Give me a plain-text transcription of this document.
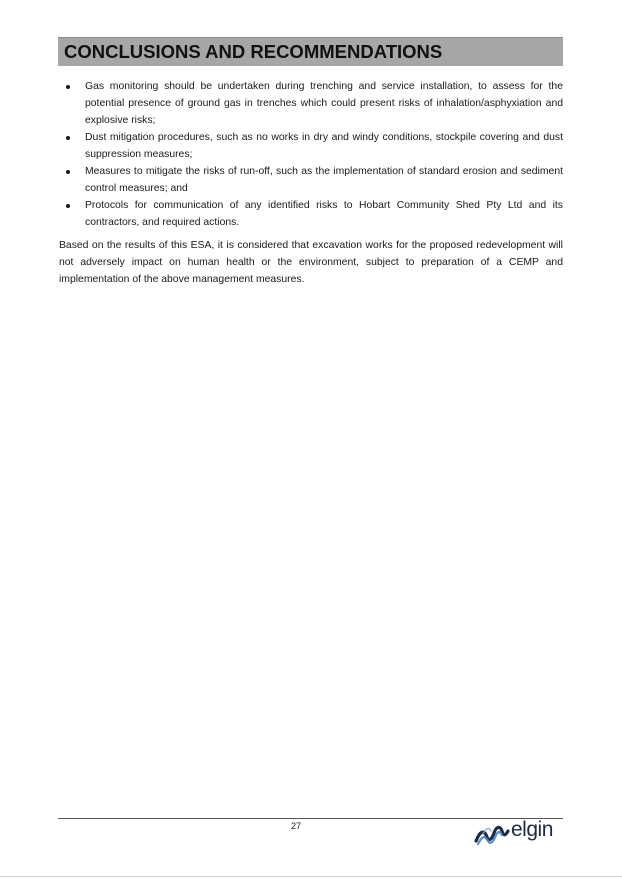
CONCLUSIONS AND RECOMMENDATIONS
Gas monitoring should be undertaken during trenching and service installation, to assess for the potential presence of ground gas in trenches which could present risks of inhalation/asphyxiation and explosive risks;
Dust mitigation procedures, such as no works in dry and windy conditions, stockpile covering and dust suppression measures;
Measures to mitigate the risks of run-off, such as the implementation of standard erosion and sediment control measures; and
Protocols for communication of any identified risks to Hobart Community Shed Pty Ltd and its contractors, and required actions.

Based on the results of this ESA, it is considered that excavation works for the proposed redevelopment will not adversely impact on human health or the environment, subject to preparation of a CEMP and implementation of the above management measures.

27	elgin
